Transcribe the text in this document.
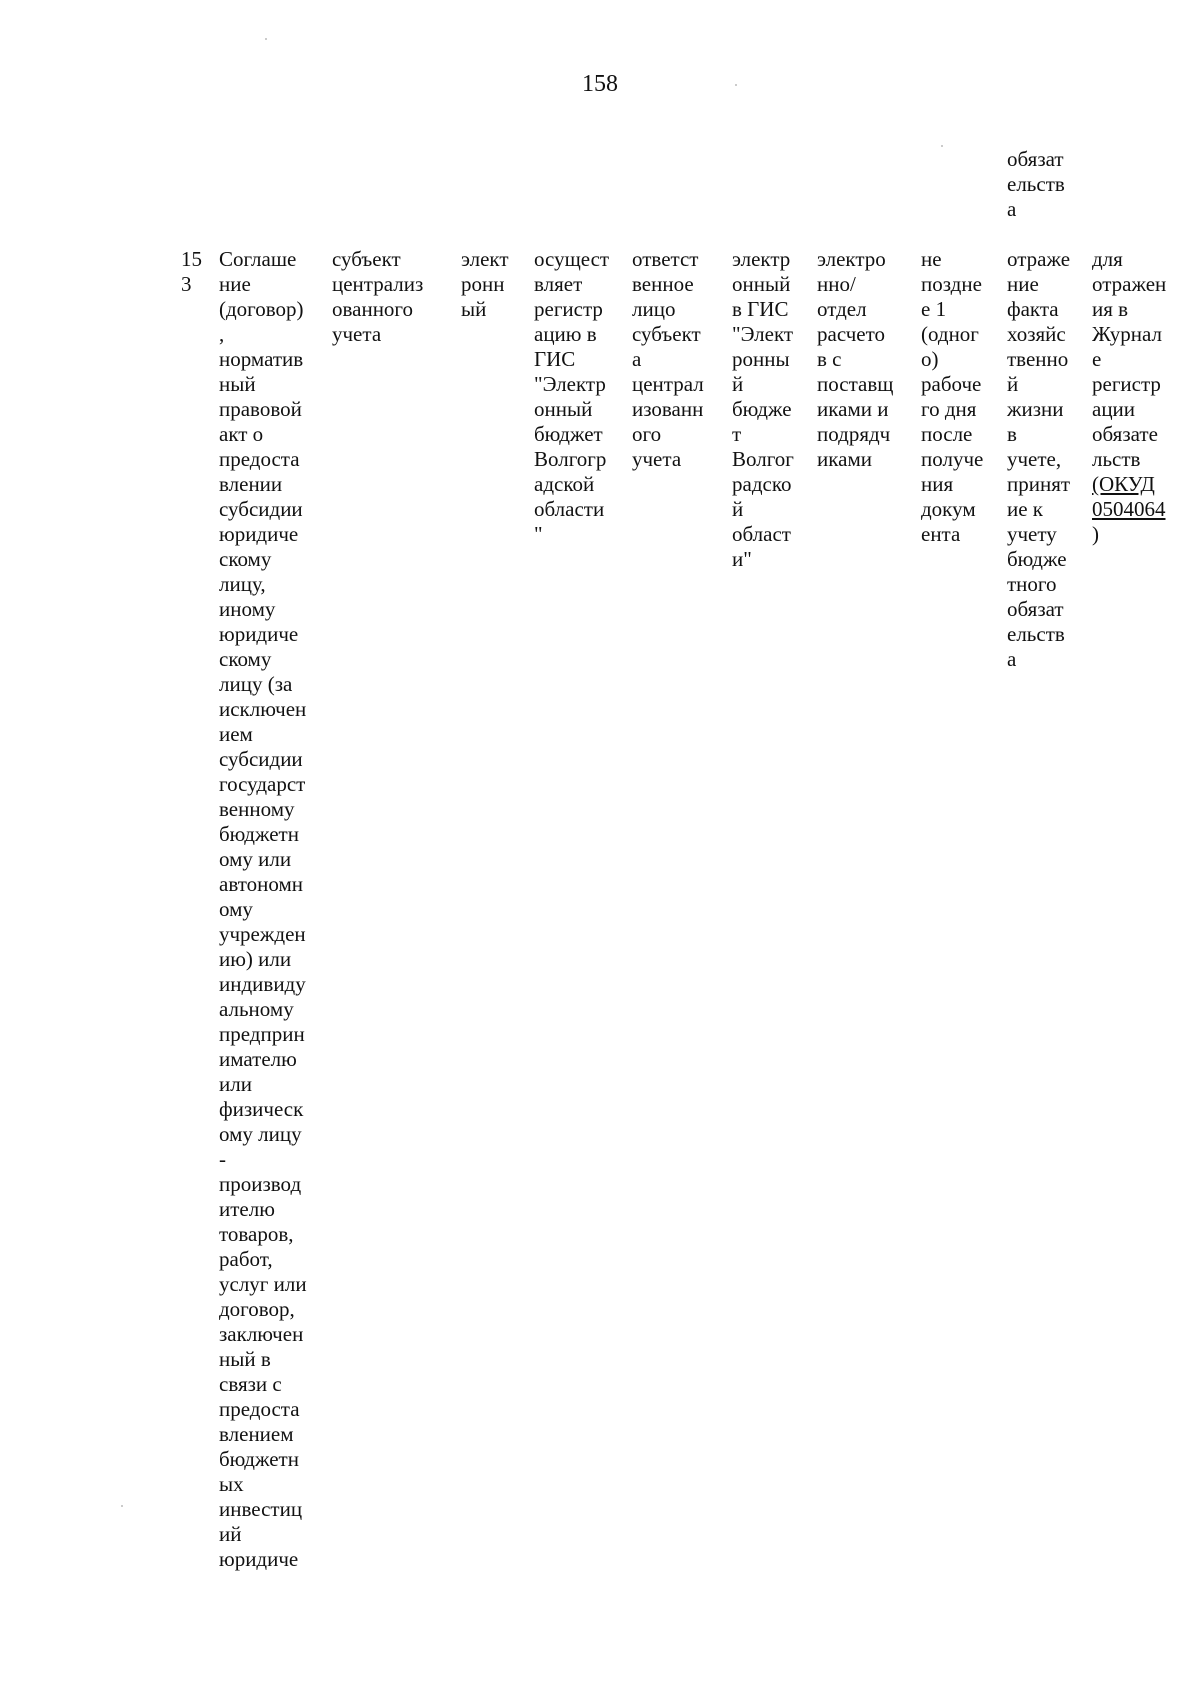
158

обязат
ельств
а

15
3

Соглаше
ние
(договор)
,
норматив
ный
правовой
акт о
предоста
влении
субсидии
юридиче
скому
лицу,
иному
юридиче
скому
лицу (за
исключен
ием
субсидии
государст
венному
бюджетн
ому или
автономн
ому
учрежден
ию) или
индивиду
альному
предприн
имателю
или
физическ
ому лицу
-
производ
ителю
товаров,
работ,
услуг или
договор,
заключен
ный в
связи с
предоста
влением
бюджетн
ых
инвестиц
ий
юридиче

субъект
централиз
ованного
учета

элект
ронн
ый

осущест
вляет
регистр
ацию в
ГИС
"Электр
онный
бюджет
Волгогр
адской
области
"

ответст
венное
лицо
субъект
а
централ
изованн
ого
учета

электр
онный
в ГИС
"Элект
ронны
й
бюдже
т
Волгог
радско
й
област
и"

электро
нно/
отдел
расчето
в с
поставщ
иками и
подрядч
иками

не
поздне
е 1
(одног
о)
рабоче
го дня
после
получе
ния
докум
ента

отраже
ние
факта
хозяйс
твенно
й
жизни
в
учете,
принят
ие к
учету
бюдже
тного
обязат
ельств
а

для
отражен
ия в
Журнал
е
регистр
ации
обязате
льств

(ОКУД
0504064

)
